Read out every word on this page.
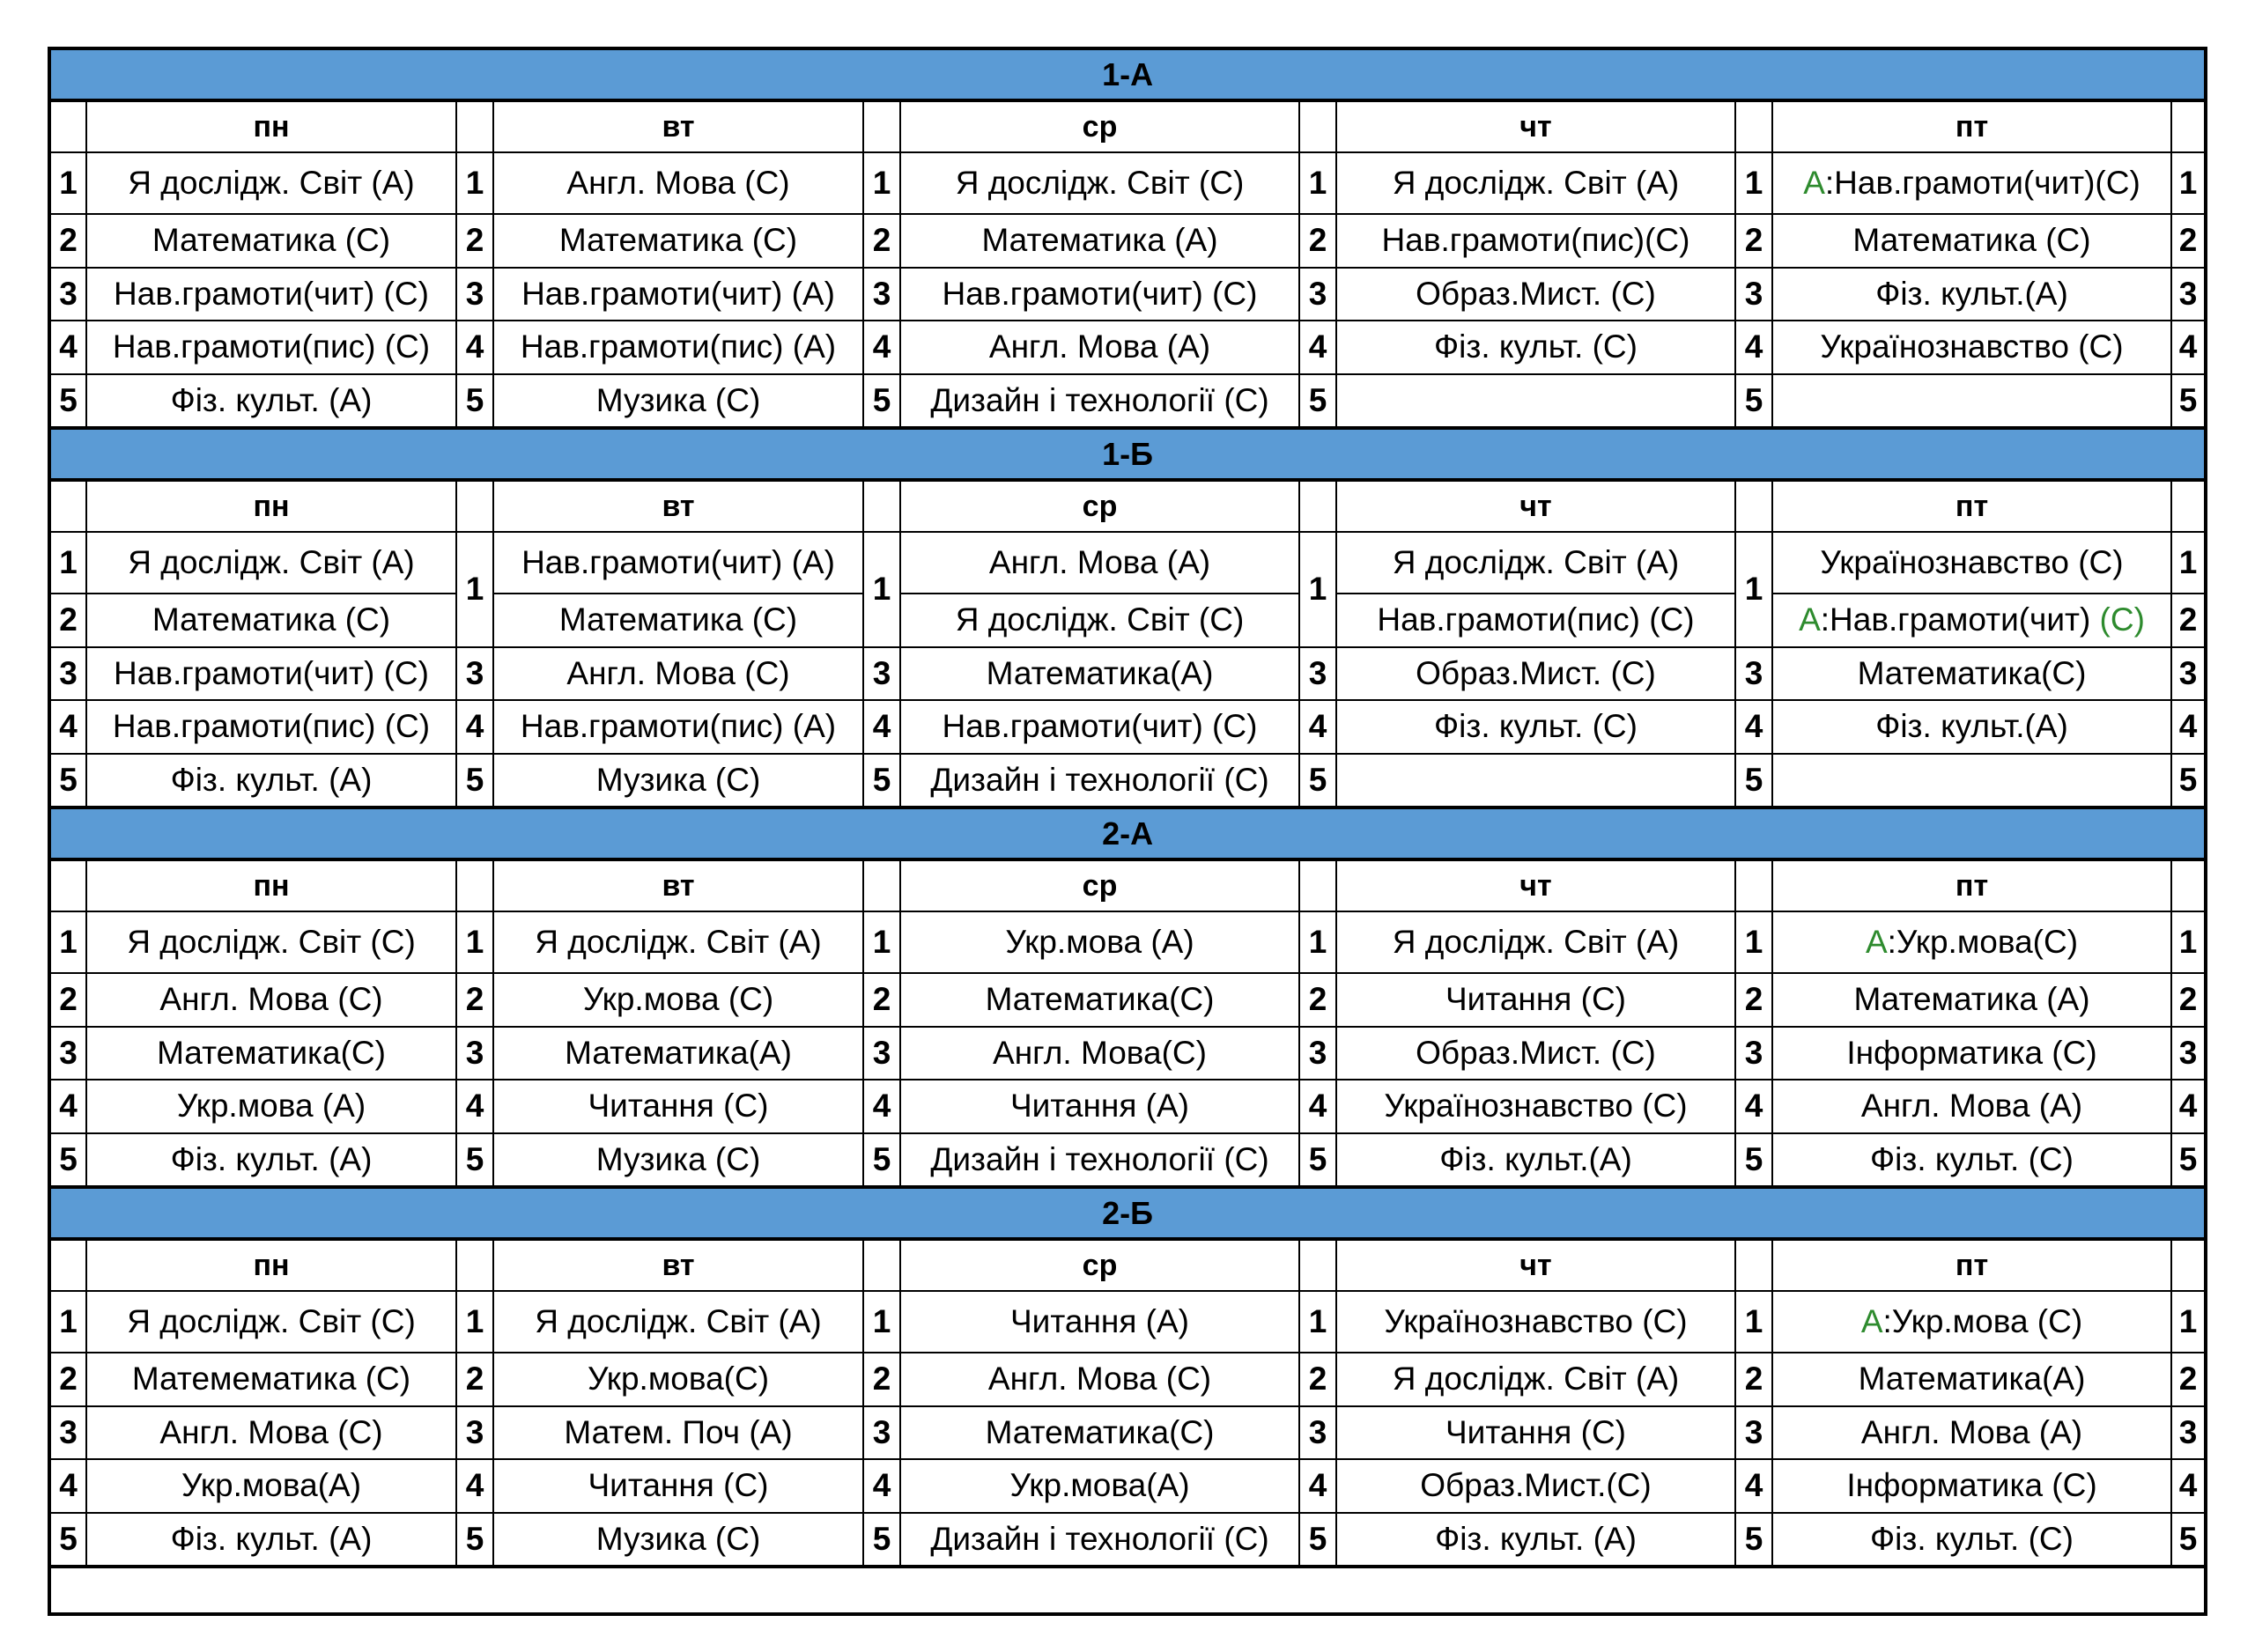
1-A										
	пн		вт		ср		чт		пт	
1	Я дослідж. Світ (А)	1	Англ. Мова (С)	1	Я дослідж. Світ (С)	1	Я дослідж. Світ (А)	1	А:Нав.грамоти(чит)(С)	1
2	Математика (С)	2	Математика (С)	2	Математика (А)	2	Нав.грамоти(пис)(С)	2	Математика (С)	2
3	Нав.грамоти(чит) (С)	3	Нав.грамоти(чит) (А)	3	Нав.грамоти(чит) (С)	3	Образ.Мист. (С)	3	Фіз. культ.(А)	3
4	Нав.грамоти(пис) (С)	4	Нав.грамоти(пис) (А)	4	Англ. Мова (А)	4	Фіз. культ. (С)	4	Українознавство (С)	4
5	Фіз. культ. (А)	5	Музика (С)	5	Дизайн і технології (С)	5		5		5
1-Б										
	пн		вт		ср		чт		пт	
1	Я дослідж. Світ (А)	1	Нав.грамоти(чит) (А)	1	Англ. Мова (А)	1	Я дослідж. Світ (А)	1	Українознавство (С)	1
2	Математика (С)		Математика (С)		Я дослідж. Світ (С)		Нав.грамоти(пис) (С)		А:Нав.грамоти(чит) (С)	2
3	Нав.грамоти(чит) (С)	3	Англ. Мова (С)	3	Математика(А)	3	Образ.Мист. (С)	3	Математика(С)	3
4	Нав.грамоти(пис) (С)	4	Нав.грамоти(пис) (А)	4	Нав.грамоти(чит) (С)	4	Фіз. культ. (С)	4	Фіз. культ.(А)	4
5	Фіз. культ. (А)	5	Музика (С)	5	Дизайн і технології (С)	5		5		5
2-A										
	пн		вт		ср		чт		пт	
1	Я дослідж. Світ (С)	1	Я дослідж. Світ (А)	1	Укр.мова (А)	1	Я дослідж. Світ (А)	1	А:Укр.мова(С)	1
2	Англ. Мова (С)	2	Укр.мова (С)	2	Математика(С)	2	Читання (С)	2	Математика (А)	2
3	Математика(С)	3	Математика(А)	3	Англ. Мова(С)	3	Образ.Мист. (С)	3	Інформатика (С)	3
4	Укр.мова (А)	4	Читання (С)	4	Читання (А)	4	Українознавство (С)	4	Англ. Мова (А)	4
5	Фіз. культ. (А)	5	Музика (С)	5	Дизайн і технології (С)	5	Фіз. культ.(А)	5	Фіз. культ. (С)	5
2-Б										
	пн		вт		ср		чт		пт	
1	Я дослідж. Світ (С)	1	Я дослідж. Світ (А)	1	Читання (А)	1	Українознавство (С)	1	А:Укр.мова (С)	1
2	Матемематика (С)	2	Укр.мова(С)	2	Англ. Мова (С)	2	Я дослідж. Світ (А)	2	Математика(А)	2
3	Англ. Мова (С)	3	Матем. Поч (А)	3	Математика(С)	3	Читання (С)	3	Англ. Мова (А)	3
4	Укр.мова(А)	4	Читання (С)	4	Укр.мова(А)	4	Образ.Мист.(С)	4	Інформатика (С)	4
5	Фіз. культ. (А)	5	Музика (С)	5	Дизайн і технології (С)	5	Фіз. культ. (А)	5	Фіз. культ. (С)	5
